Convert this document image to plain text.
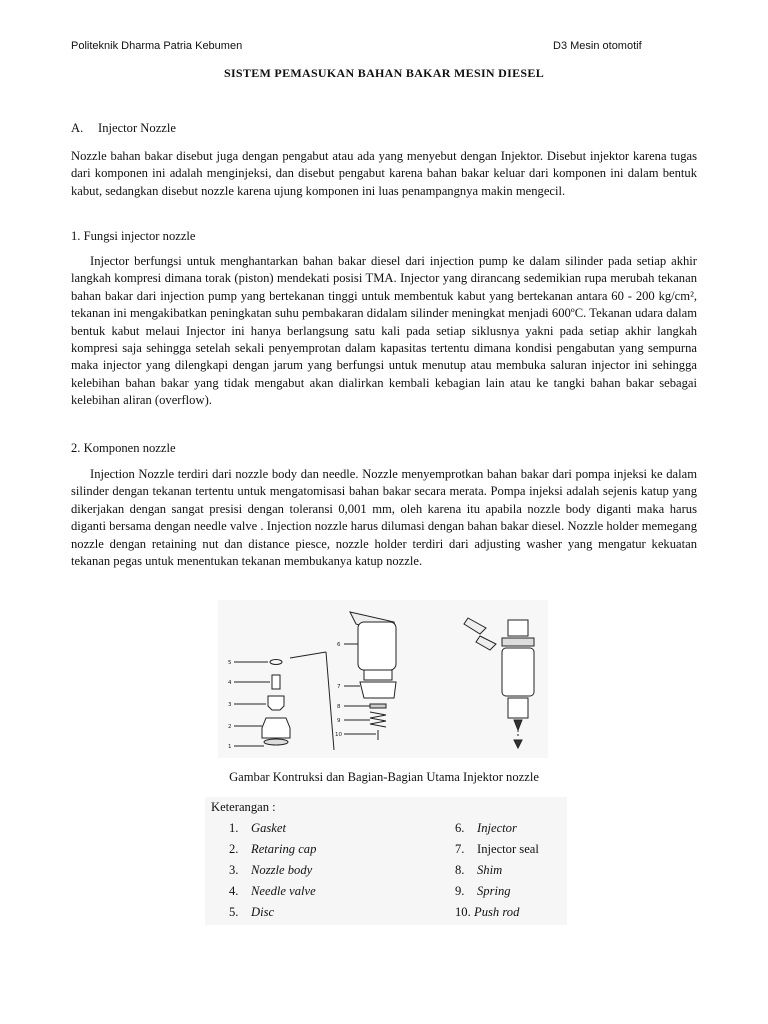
Politeknik Dharma Patria Kebumen	D3 Mesin otomotif
SISTEM PEMASUKAN BAHAN BAKAR MESIN DIESEL
A. Injector Nozzle
Nozzle bahan bakar disebut juga dengan pengabut atau ada yang menyebut dengan Injektor. Disebut injektor karena tugas dari komponen ini adalah menginjeksi, dan disebut pengabut karena bahan bakar keluar dari komponen ini dalam bentuk kabut, sedangkan disebut nozzle karena ujung komponen ini luas penampangnya makin mengecil.
1. Fungsi injector nozzle
Injector berfungsi untuk menghantarkan bahan bakar diesel dari injection pump ke dalam silinder pada setiap akhir langkah kompresi dimana torak (piston) mendekati posisi TMA. Injector yang dirancang sedemikian rupa merubah tekanan bahan bakar dari injection pump yang bertekanan tinggi untuk membentuk kabut yang bertekanan antara 60 - 200 kg/cm², tekanan ini mengakibatkan peningkatan suhu pembakaran didalam silinder meningkat menjadi 600ºC. Tekanan udara dalam bentuk kabut melaui Injector ini hanya berlangsung satu kali pada setiap siklusnya yakni pada setiap akhir langkah kompresi saja sehingga setelah sekali penyemprotan dalam kapasitas tertentu dimana kondisi pengabutan yang sempurna maka injector yang dilengkapi dengan jarum yang berfungsi untuk menutup atau membuka saluran injector ini sehingga kelebihan bahan bakar yang tidak mengabut akan dialirkan kembali kebagian lain atau ke tangki bahan bakar sebagai kelebihan aliran (overflow).
2. Komponen nozzle
Injection Nozzle terdiri dari nozzle body dan needle. Nozzle menyemprotkan bahan bakar dari pompa injeksi ke dalam silinder dengan tekanan tertentu untuk mengatomisasi bahan bakar secara merata. Pompa injeksi adalah sejenis katup yang dikerjakan dengan sangat presisi dengan toleransi 0,001 mm, oleh karena itu apabila nozzle body diganti maka harus diganti bersama dengan needle valve . Injection nozzle harus dilumasi dengan bahan bakar diesel. Nozzle holder memegang nozzle dengan retaining nut dan distance piesce, nozzle holder terdiri dari adjusting washer yang mengatur kekuatan tekanan pegas untuk menentukan tekanan membukanya katup nozzle.
5
4
3
2
1
6
7
8
9
10
Gambar Kontruksi dan Bagian-Bagian Utama Injektor nozzle
Keterangan :
1. Gasket
2. Retaring cap
3. Nozzle body
4. Needle valve
5. Disc
6. Injector
7. Injector seal
8. Shim
9. Spring
10. Push rod
